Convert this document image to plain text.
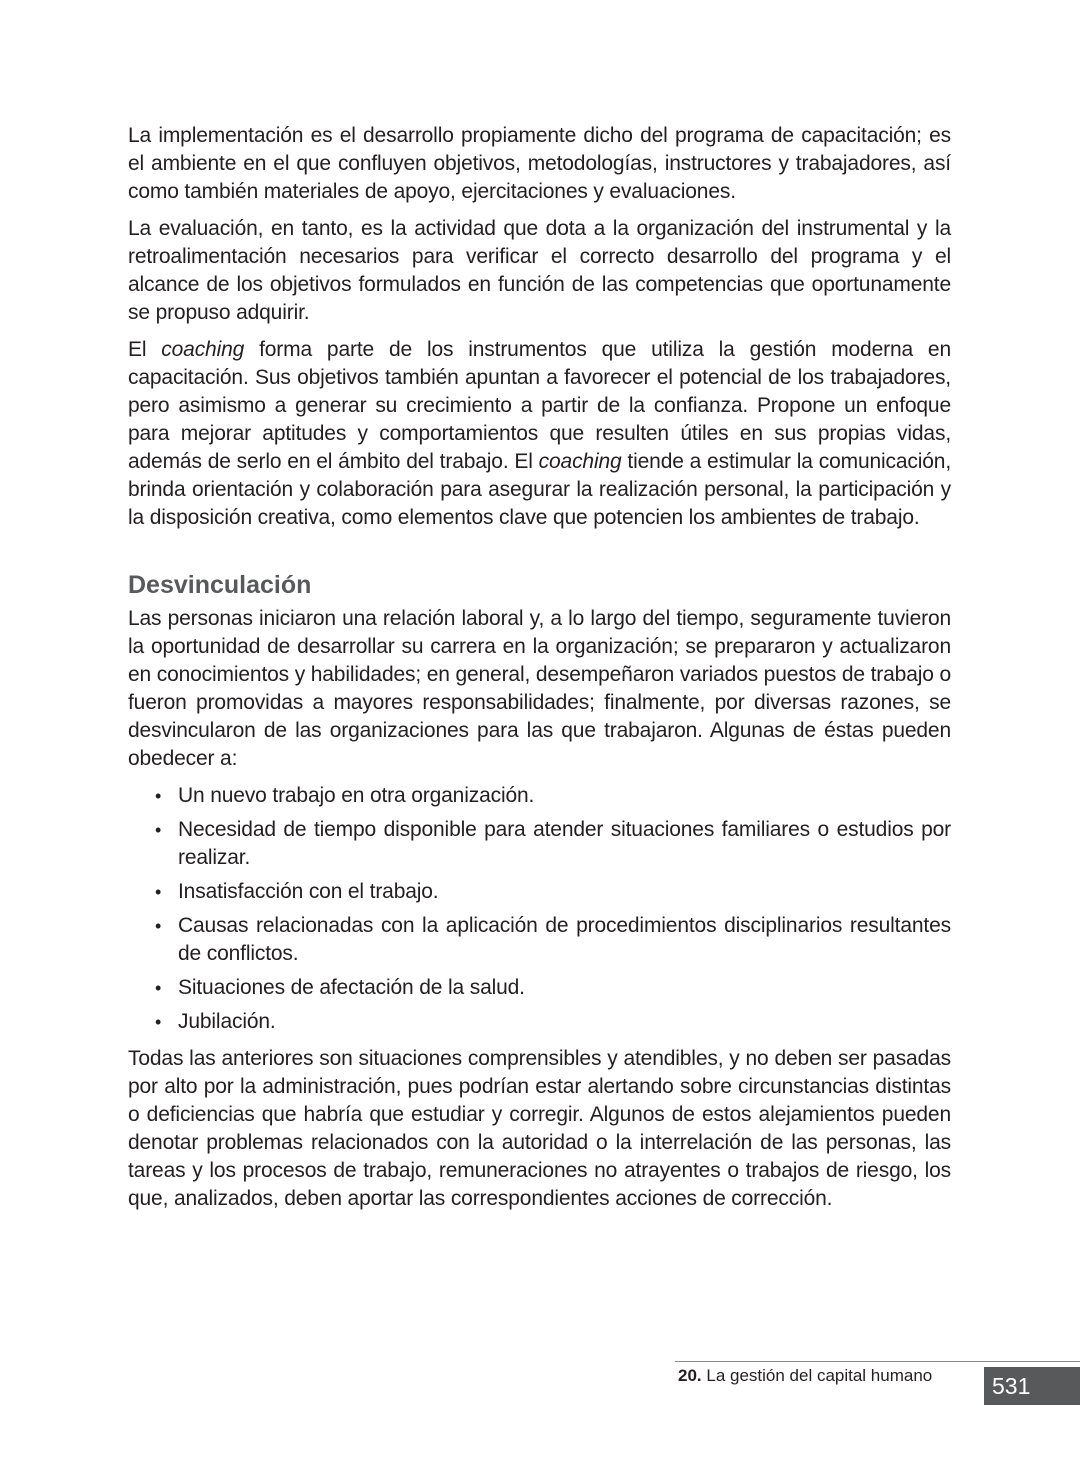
La implementación es el desarrollo propiamente dicho del programa de capacitación; es el ambiente en el que confluyen objetivos, metodologías, instructores y trabajadores, así como también materiales de apoyo, ejercitaciones y evaluaciones.

La evaluación, en tanto, es la actividad que dota a la organización del instrumental y la retroalimentación necesarios para verificar el correcto desarrollo del programa y el alcance de los objetivos formulados en función de las competencias que oportunamente se propuso adquirir.

El coaching forma parte de los instrumentos que utiliza la gestión moderna en capacitación. Sus objetivos también apuntan a favorecer el potencial de los trabajadores, pero asimismo a generar su crecimiento a partir de la confianza. Propone un enfoque para mejorar aptitudes y comportamientos que resulten útiles en sus propias vidas, además de serlo en el ámbito del trabajo. El coaching tiende a estimular la comunicación, brinda orientación y colaboración para asegurar la realización personal, la participación y la disposición creativa, como elementos clave que potencien los ambientes de trabajo.

Desvinculación

Las personas iniciaron una relación laboral y, a lo largo del tiempo, seguramente tuvieron la oportunidad de desarrollar su carrera en la organización; se prepararon y actualizaron en conocimientos y habilidades; en general, desempeñaron variados puestos de trabajo o fueron promovidas a mayores responsabilidades; finalmente, por diversas razones, se desvincularon de las organizaciones para las que trabajaron. Algunas de éstas pueden obedecer a:

• Un nuevo trabajo en otra organización.
• Necesidad de tiempo disponible para atender situaciones familiares o estudios por realizar.
• Insatisfacción con el trabajo.
• Causas relacionadas con la aplicación de procedimientos disciplinarios resultantes de conflictos.
• Situaciones de afectación de la salud.
• Jubilación.

Todas las anteriores son situaciones comprensibles y atendibles, y no deben ser pasadas por alto por la administración, pues podrían estar alertando sobre circunstancias distintas o deficiencias que habría que estudiar y corregir. Algunos de estos alejamientos pueden denotar problemas relacionados con la autoridad o la interrelación de las personas, las tareas y los procesos de trabajo, remuneraciones no atrayentes o trabajos de riesgo, los que, analizados, deben aportar las correspondientes acciones de corrección.

20. La gestión del capital humano	531
